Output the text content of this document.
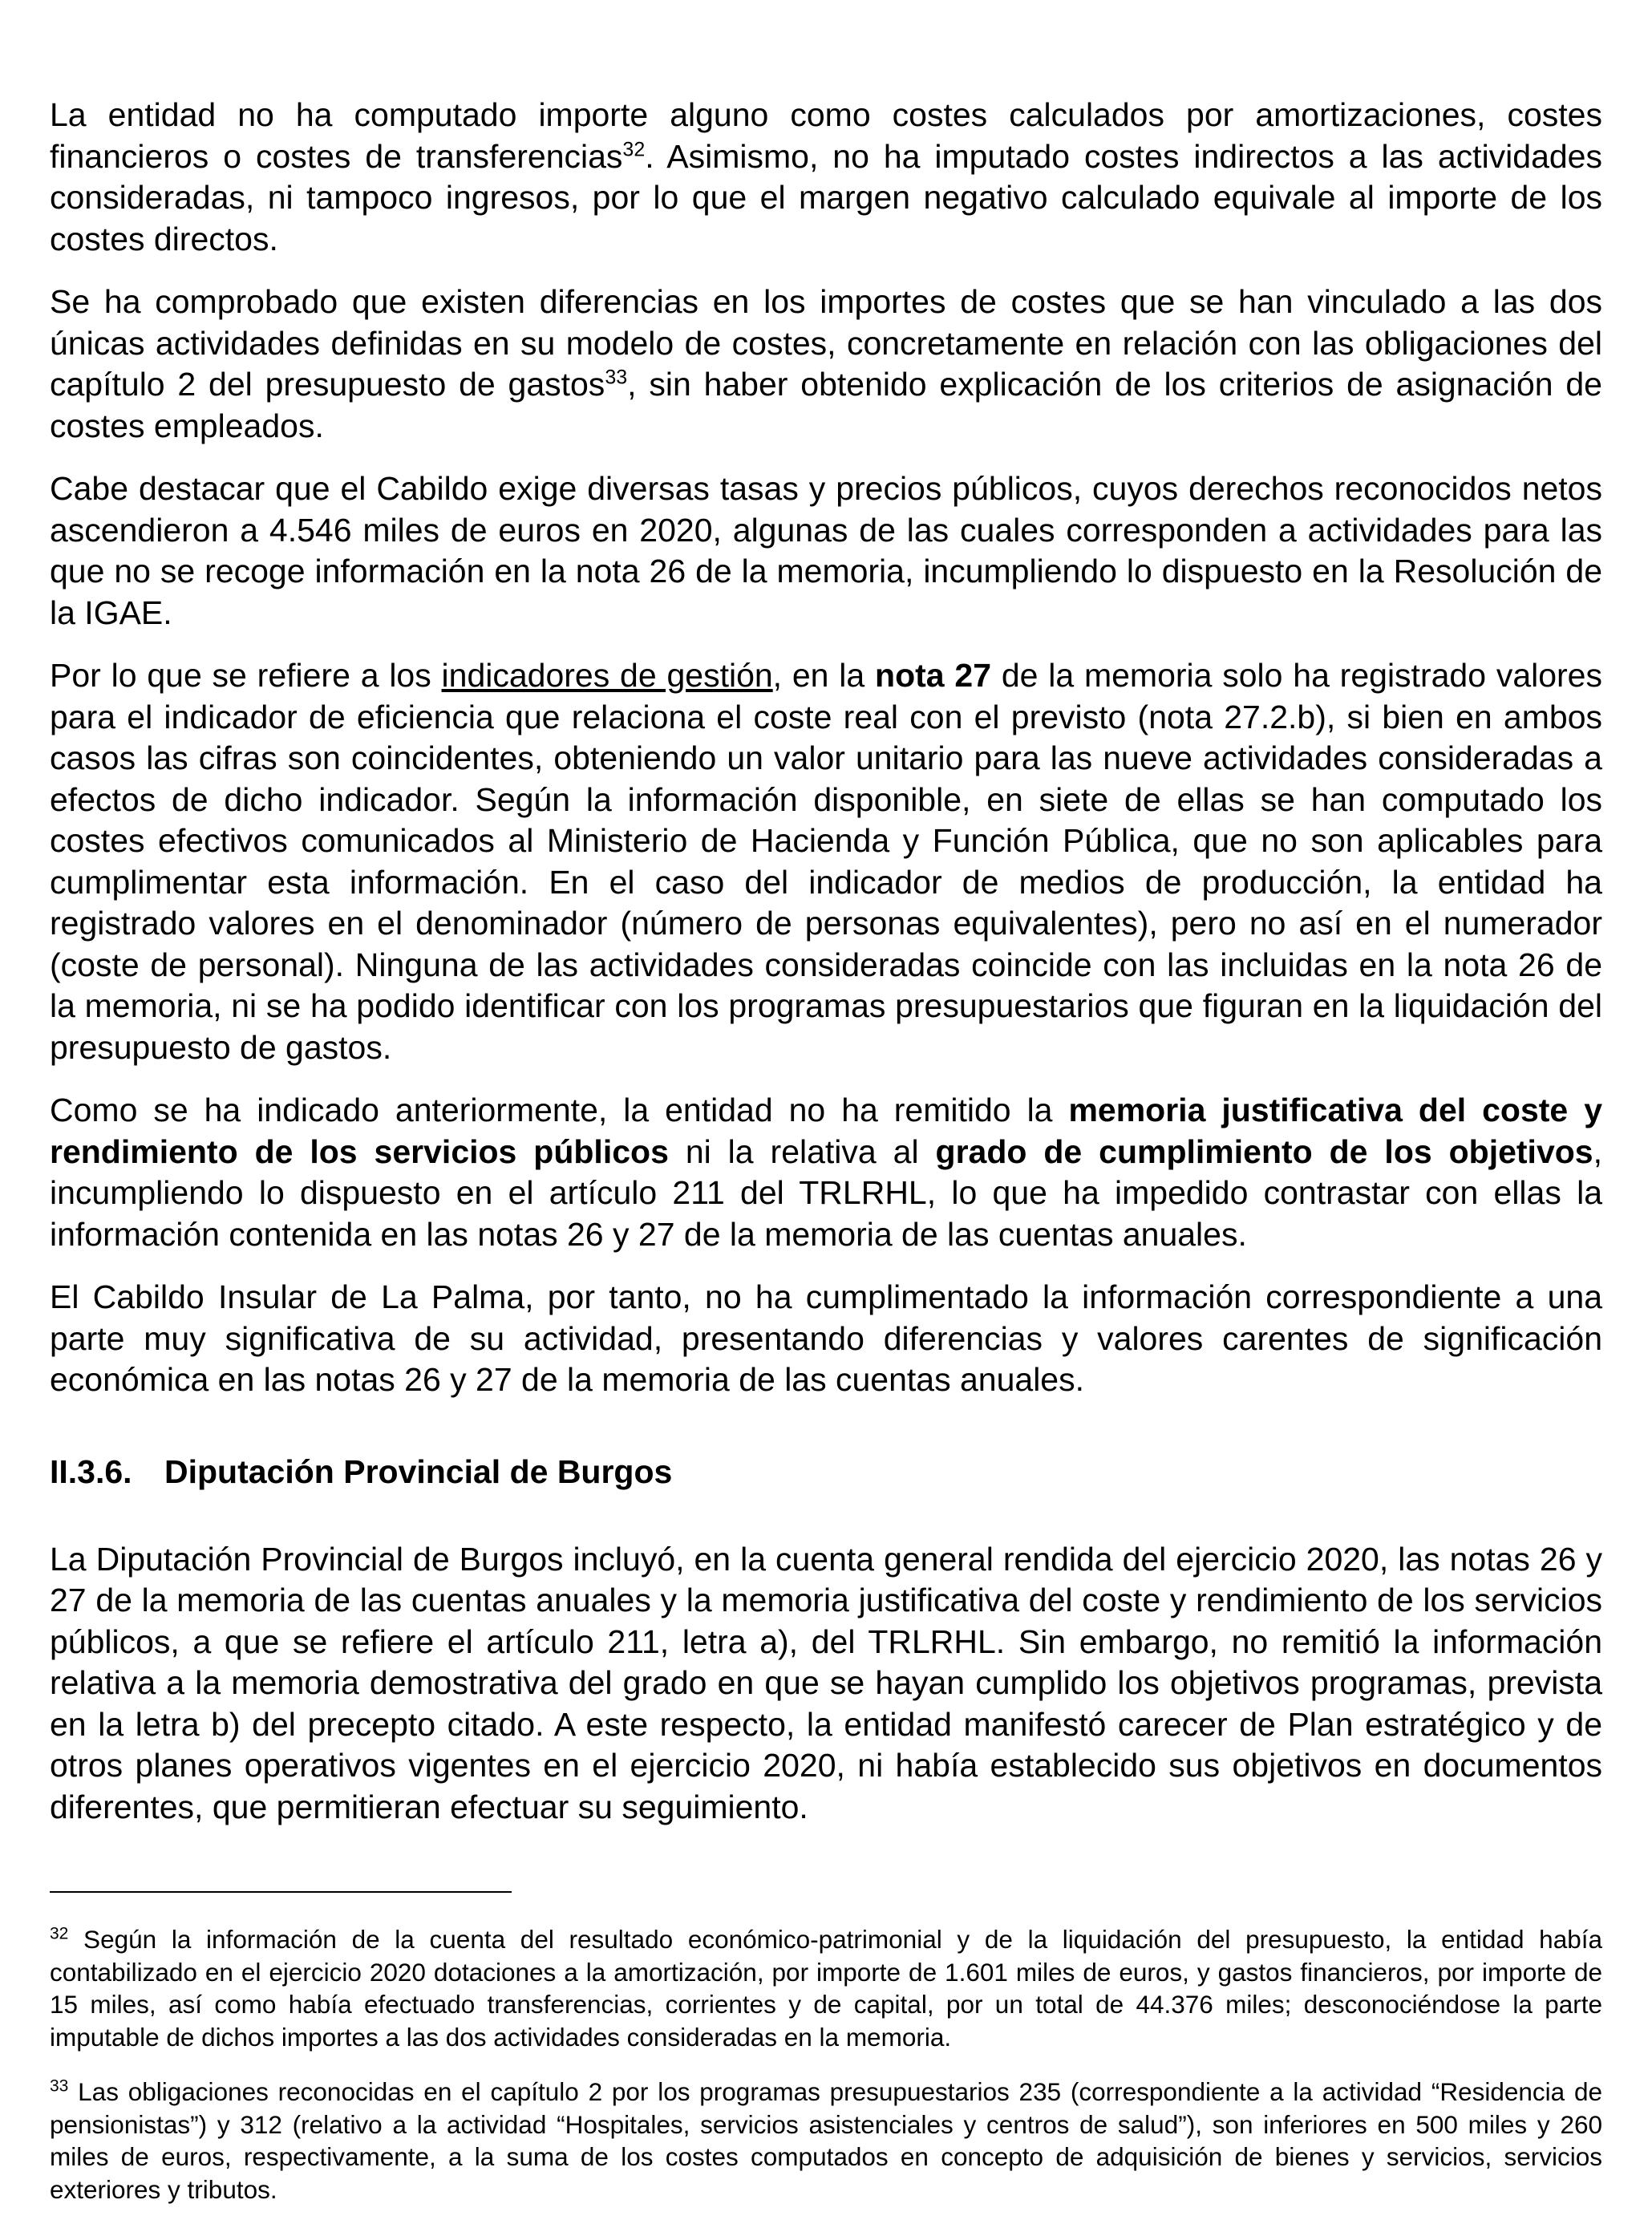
La entidad no ha computado importe alguno como costes calculados por amortizaciones, costes financieros o costes de transferencias$^{32}$. Asimismo, no ha imputado costes indirectos a las actividades consideradas, ni tampoco ingresos, por lo que el margen negativo calculado equivale al importe de los costes directos.

Se ha comprobado que existen diferencias en los importes de costes que se han vinculado a las dos únicas actividades definidas en su modelo de costes, concretamente en relación con las obligaciones del capítulo 2 del presupuesto de gastos$^{33}$, sin haber obtenido explicación de los criterios de asignación de costes empleados.

Cabe destacar que el Cabildo exige diversas tasas y precios públicos, cuyos derechos reconocidos netos ascendieron a 4.546 miles de euros en 2020, algunas de las cuales corresponden a actividades para las que no se recoge información en la nota 26 de la memoria, incumpliendo lo dispuesto en la Resolución de la IGAE.

Por lo que se refiere a los indicadores de gestión, en la nota 27 de la memoria solo ha registrado valores para el indicador de eficiencia que relaciona el coste real con el previsto (nota 27.2.b), si bien en ambos casos las cifras son coincidentes, obteniendo un valor unitario para las nueve actividades consideradas a efectos de dicho indicador. Según la información disponible, en siete de ellas se han computado los costes efectivos comunicados al Ministerio de Hacienda y Función Pública, que no son aplicables para cumplimentar esta información. En el caso del indicador de medios de producción, la entidad ha registrado valores en el denominador (número de personas equivalentes), pero no así en el numerador (coste de personal). Ninguna de las actividades consideradas coincide con las incluidas en la nota 26 de la memoria, ni se ha podido identificar con los programas presupuestarios que figuran en la liquidación del presupuesto de gastos.

Como se ha indicado anteriormente, la entidad no ha remitido la memoria justificativa del coste y rendimiento de los servicios públicos ni la relativa al grado de cumplimiento de los objetivos, incumpliendo lo dispuesto en el artículo 211 del TRLRHL, lo que ha impedido contrastar con ellas la información contenida en las notas 26 y 27 de la memoria de las cuentas anuales.

El Cabildo Insular de La Palma, por tanto, no ha cumplimentado la información correspondiente a una parte muy significativa de su actividad, presentando diferencias y valores carentes de significación económica en las notas 26 y 27 de la memoria de las cuentas anuales.

II.3.6. Diputación Provincial de Burgos

La Diputación Provincial de Burgos incluyó, en la cuenta general rendida del ejercicio 2020, las notas 26 y 27 de la memoria de las cuentas anuales y la memoria justificativa del coste y rendimiento de los servicios públicos, a que se refiere el artículo 211, letra a), del TRLRHL. Sin embargo, no remitió la información relativa a la memoria demostrativa del grado en que se hayan cumplido los objetivos programas, prevista en la letra b) del precepto citado. A este respecto, la entidad manifestó carecer de Plan estratégico y de otros planes operativos vigentes en el ejercicio 2020, ni había establecido sus objetivos en documentos diferentes, que permitieran efectuar su seguimiento.

$^{32}$ Según la información de la cuenta del resultado económico-patrimonial y de la liquidación del presupuesto, la entidad había contabilizado en el ejercicio 2020 dotaciones a la amortización, por importe de 1.601 miles de euros, y gastos financieros, por importe de 15 miles, así como había efectuado transferencias, corrientes y de capital, por un total de 44.376 miles; desconociéndose la parte imputable de dichos importes a las dos actividades consideradas en la memoria.

$^{33}$ Las obligaciones reconocidas en el capítulo 2 por los programas presupuestarios 235 (correspondiente a la actividad “Residencia de pensionistas”) y 312 (relativo a la actividad “Hospitales, servicios asistenciales y centros de salud”), son inferiores en 500 miles y 260 miles de euros, respectivamente, a la suma de los costes computados en concepto de adquisición de bienes y servicios, servicios exteriores y tributos.
